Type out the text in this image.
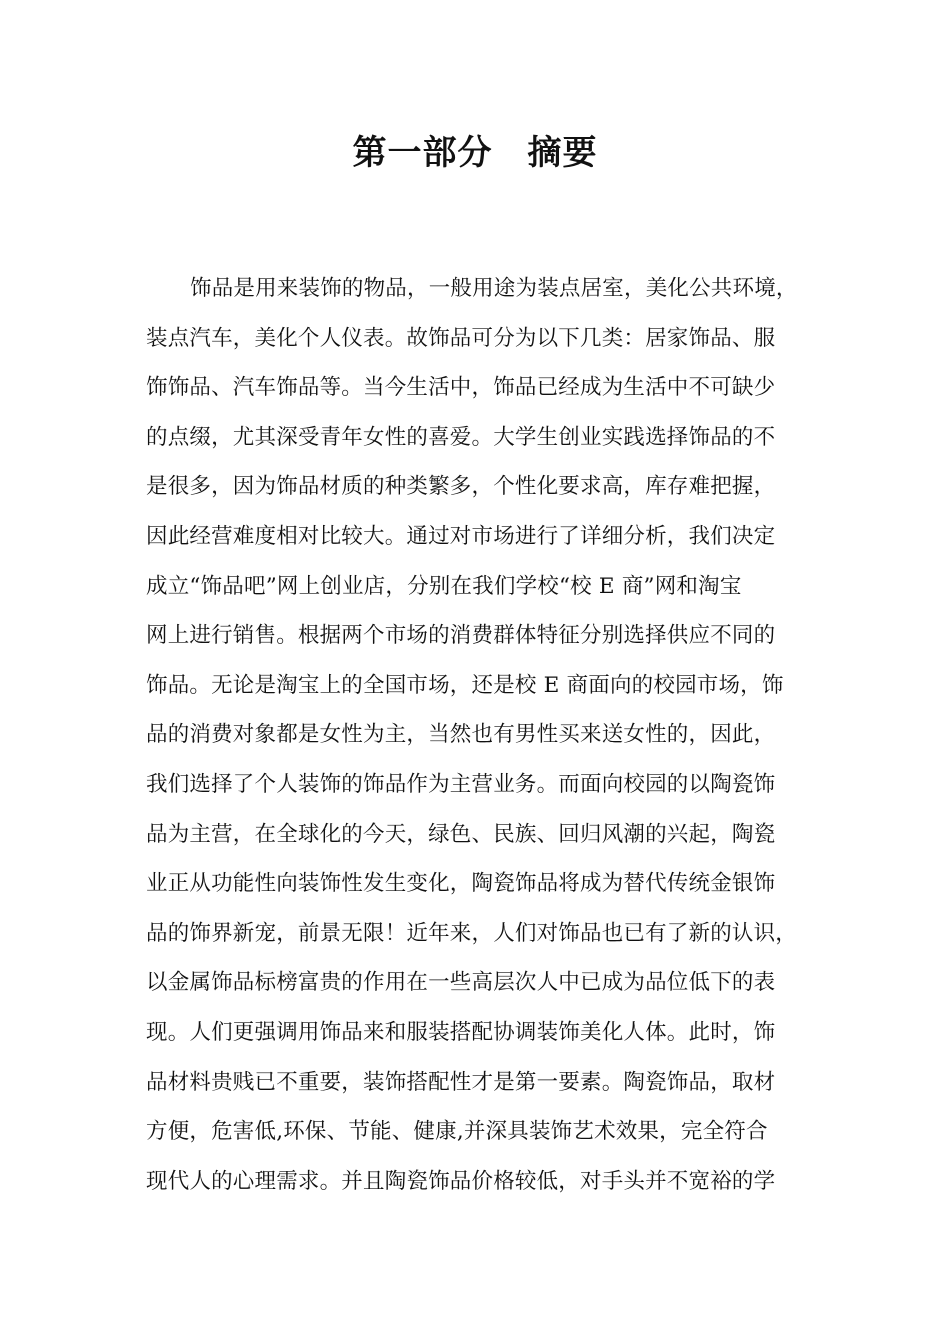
第一部分　摘要
饰品是用来装饰的物品，一般用途为装点居室，美化公共环境，
装点汽车，美化个人仪表。故饰品可分为以下几类：居家饰品、服
饰饰品、汽车饰品等。当今生活中，饰品已经成为生活中不可缺少
的点缀，尤其深受青年女性的喜爱。大学生创业实践选择饰品的不
是很多，因为饰品材质的种类繁多，个性化要求高，库存难把握，
因此经营难度相对比较大。通过对市场进行了详细分析，我们决定
成立“饰品吧”网上创业店，分别在我们学校“校 E 商”网和淘宝
网上进行销售。根据两个市场的消费群体特征分别选择供应不同的
饰品。无论是淘宝上的全国市场，还是校 E 商面向的校园市场，饰
品的消费对象都是女性为主，当然也有男性买来送女性的，因此，
我们选择了个人装饰的饰品作为主营业务。而面向校园的以陶瓷饰
品为主营，在全球化的今天，绿色、民族、回归风潮的兴起，陶瓷
业正从功能性向装饰性发生变化，陶瓷饰品将成为替代传统金银饰
品的饰界新宠，前景无限！近年来，人们对饰品也已有了新的认识，
以金属饰品标榜富贵的作用在一些高层次人中已成为品位低下的表
现。人们更强调用饰品来和服装搭配协调装饰美化人体。此时，饰
品材料贵贱已不重要，装饰搭配性才是第一要素。陶瓷饰品，取材
方便，危害低,环保、节能、健康,并深具装饰艺术效果，完全符合
现代人的心理需求。并且陶瓷饰品价格较低，对手头并不宽裕的学
